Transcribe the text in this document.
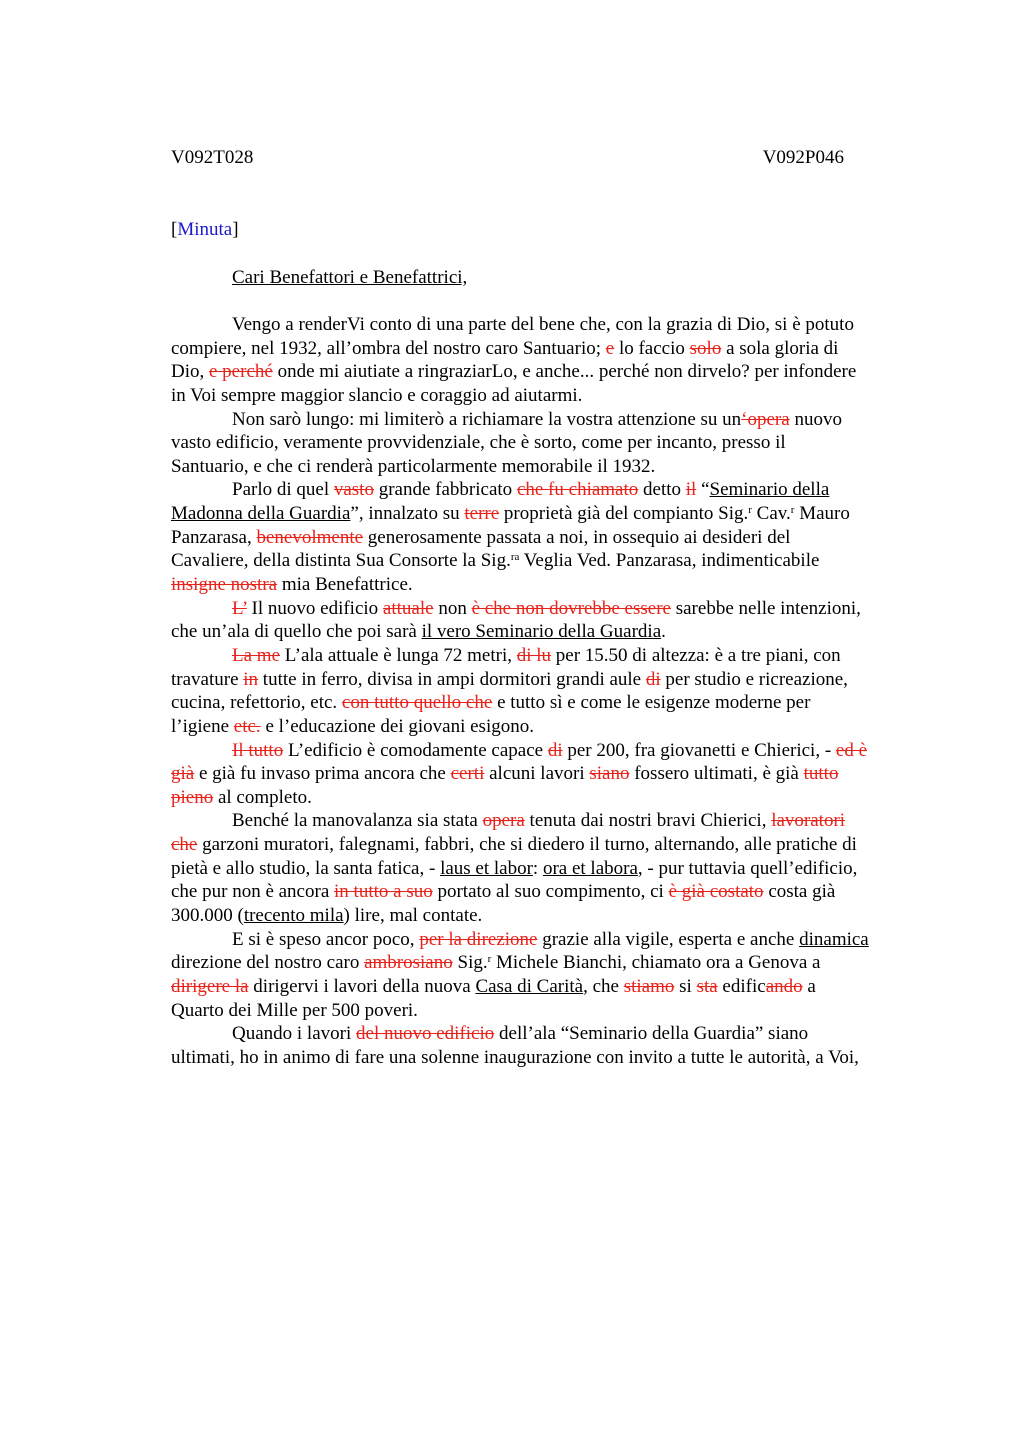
V092T028	V092P046
[Minuta]
Cari Benefattori e Benefattrici,
Vengo a renderVi conto di una parte del bene che, con la grazia di Dio, si è potuto
compiere, nel 1932, all’ombra del nostro caro Santuario; e lo faccio solo a sola gloria di
Dio, e perché onde mi aiutiate a ringraziarLo, e anche... perché non dirvelo? per infondere
in Voi sempre maggior slancio e coraggio ad aiutarmi.
Non sarò lungo: mi limiterò a richiamare la vostra attenzione su un‘opera nuovo
vasto edificio, veramente provvidenziale, che è sorto, come per incanto, presso il
Santuario, e che ci renderà particolarmente memorabile il 1932.
Parlo di quel vasto grande fabbricato che fu chiamato detto il “Seminario della
Madonna della Guardia”, innalzato su terre proprietà già del compianto Sig.$^r$ Cav.$^r$ Mauro
Panzarasa, benevolmente generosamente passata a noi, in ossequio ai desideri del
Cavaliere, della distinta Sua Consorte la Sig.$^{ra}$ Veglia Ved. Panzarasa, indimenticabile
insigne nostra mia Benefattrice.
L’ Il nuovo edificio attuale non è che non dovrebbe essere sarebbe nelle intenzioni,
che un’ala di quello che poi sarà il vero Seminario della Guardia.
La me L’ala attuale è lunga 72 metri, di lu per 15.50 di altezza: è a tre piani, con
travature in tutte in ferro, divisa in ampi dormitori grandi aule di per studio e ricreazione,
cucina, refettorio, etc. con tutto quello che e tutto sì e come le esigenze moderne per
l’igiene etc. e l’educazione dei giovani esigono.
Il tutto L’edificio è comodamente capace di per 200, fra giovanetti e Chierici, - ed è
già e già fu invaso prima ancora che certi alcuni lavori siano fossero ultimati, è già tutto
pieno al completo.
Benché la manovalanza sia stata opera tenuta dai nostri bravi Chierici, lavoratori
che garzoni muratori, falegnami, fabbri, che si diedero il turno, alternando, alle pratiche di
pietà e allo studio, la santa fatica, - laus et labor: ora et labora, - pur tuttavia quell’edificio,
che pur non è ancora in tutto a suo portato al suo compimento, ci è già costato costa già
300.000 (trecento mila) lire, mal contate.
E si è speso ancor poco, per la direzione grazie alla vigile, esperta e anche dinamica
direzione del nostro caro ambrosiano Sig.$^r$ Michele Bianchi, chiamato ora a Genova a
dirigere la dirigervi i lavori della nuova Casa di Carità, che stiamo si sta edificando a
Quarto dei Mille per 500 poveri.
Quando i lavori del nuovo edificio dell’ala “Seminario della Guardia” siano
ultimati, ho in animo di fare una solenne inaugurazione con invito a tutte le autorità, a Voi,
